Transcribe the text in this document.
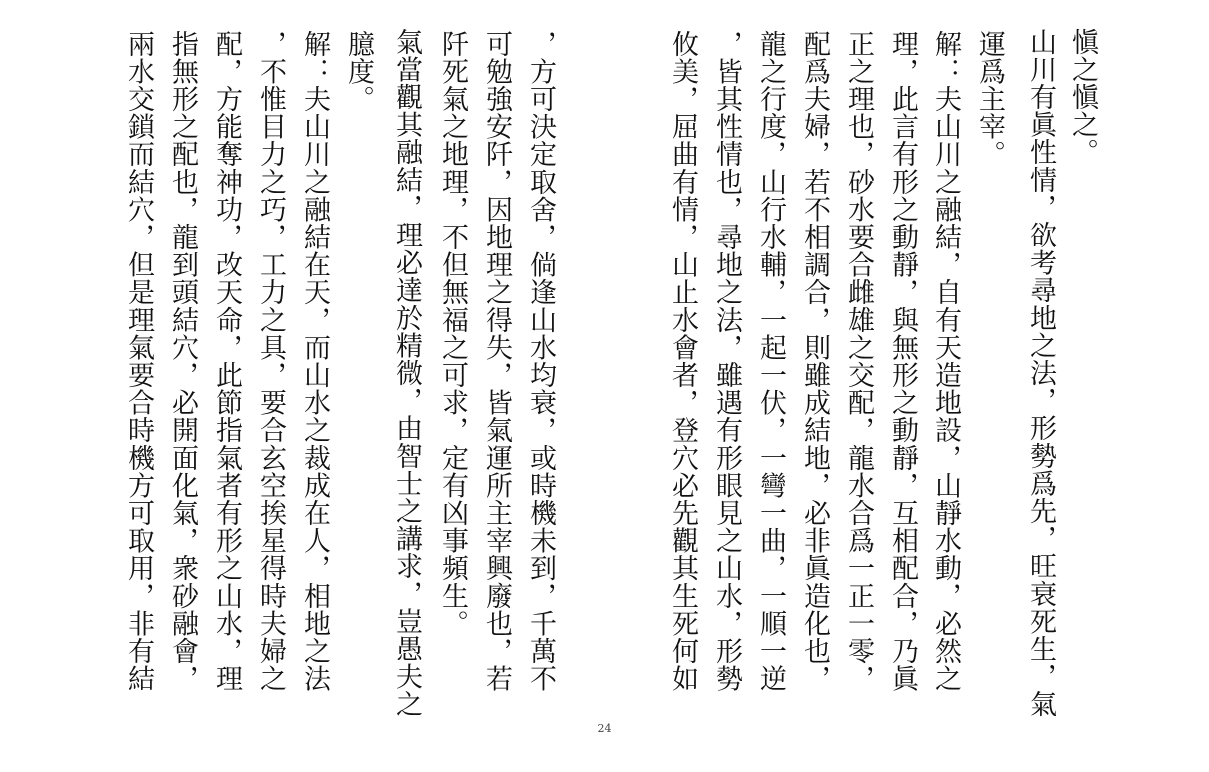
愼之愼之。
山川有眞性情，欲考尋地之法，形勢爲先，旺衰死生，氣
運爲主宰。
解：夫山川之融結，自有天造地設，山靜水動，必然之
理，此言有形之動靜，與無形之動靜，互相配合，乃眞
正之理也，砂水要合雌雄之交配，龍水合爲一正一零，
配爲夫婦，若不相調合，則雖成結地，必非眞造化也，
龍之行度，山行水輔，一起一伏，一彎一曲，一順一逆
，皆其性情也，尋地之法，雖遇有形眼見之山水，形勢
攸美，屈曲有情，山止水會者，登穴必先觀其生死何如
氣當觀其融結，理必達於精微，由智士之講求，豈愚夫之 阡死氣之地理，不但無福之可求，定有凶事頻生。 可勉強安阡，因地理之得失，皆氣運所主宰興廢也，若 ，方可決定取舍，倘逢山水均衰，或時機未到，千萬不
臆度。
解：夫山川之融結在天，而山水之裁成在人，相地之法
，不惟目力之巧，工力之具，要合玄空挨星得時夫婦之
配，方能奪神功，改天命，此節指氣者有形之山水，理
指無形之配也，龍到頭結穴，必開面化氣，衆砂融會，
兩水交鎖而結穴，但是理氣要合時機方可取用，非有結
24
